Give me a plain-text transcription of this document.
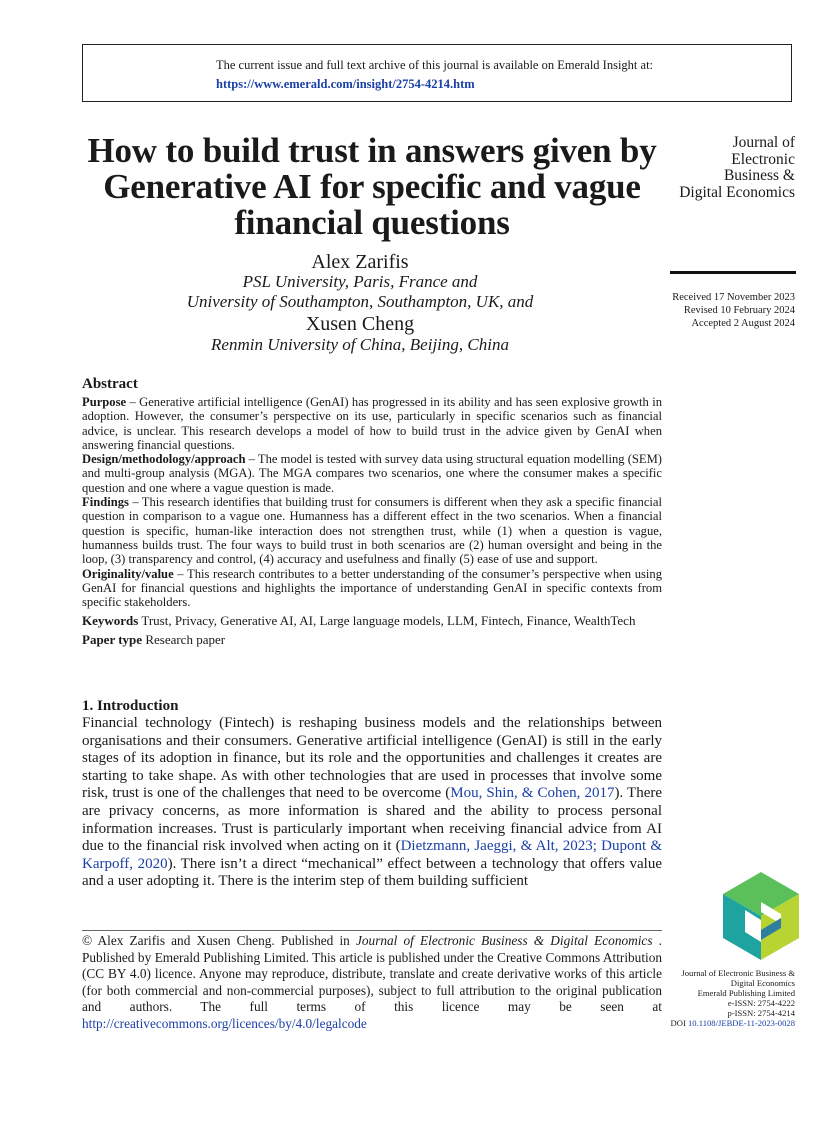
The current issue and full text archive of this journal is available on Emerald Insight at:
https://www.emerald.com/insight/2754-4214.htm
How to build trust in answers given by Generative AI for specific and vague financial questions
Alex Zarifis
PSL University, Paris, France and
University of Southampton, Southampton, UK, and
Xusen Cheng
Renmin University of China, Beijing, China
Journal of
Electronic
Business &
Digital Economics
Received 17 November 2023
Revised 10 February 2024
Accepted 2 August 2024
Abstract

Purpose – Generative artificial intelligence (GenAI) has progressed in its ability and has seen explosive growth in adoption. However, the consumer’s perspective on its use, particularly in specific scenarios such as financial advice, is unclear. This research develops a model of how to build trust in the advice given by GenAI when answering financial questions.

Design/methodology/approach – The model is tested with survey data using structural equation modelling (SEM) and multi-group analysis (MGA). The MGA compares two scenarios, one where the consumer makes a specific question and one where a vague question is made.

Findings – This research identifies that building trust for consumers is different when they ask a specific financial question in comparison to a vague one. Humanness has a different effect in the two scenarios. When a financial question is specific, human-like interaction does not strengthen trust, while (1) when a question is vague, humanness builds trust. The four ways to build trust in both scenarios are (2) human oversight and being in the loop, (3) transparency and control, (4) accuracy and usefulness and finally (5) ease of use and support.

Originality/value – This research contributes to a better understanding of the consumer’s perspective when using GenAI for financial questions and highlights the importance of understanding GenAI in specific contexts from specific stakeholders.

Keywords Trust, Privacy, Generative AI, AI, Large language models, LLM, Fintech, Finance, WealthTech

Paper type Research paper

1. Introduction

Financial technology (Fintech) is reshaping business models and the relationships between organisations and their consumers. Generative artificial intelligence (GenAI) is still in the early stages of its adoption in finance, but its role and the opportunities and challenges it creates are starting to take shape. As with other technologies that are used in processes that involve some risk, trust is one of the challenges that need to be overcome (Mou, Shin, & Cohen, 2017). There are privacy concerns, as more information is shared and the ability to process personal information increases. Trust is particularly important when receiving financial advice from AI due to the financial risk involved when acting on it (Dietzmann, Jaeggi, & Alt, 2023; Dupont & Karpoff, 2020). There isn’t a direct “mechanical” effect between a technology that offers value and a user adopting it. There is the interim step of them building sufficient

© Alex Zarifis and Xusen Cheng. Published in Journal of Electronic Business & Digital Economics . Published by Emerald Publishing Limited. This article is published under the Creative Commons Attribution (CC BY 4.0) licence. Anyone may reproduce, distribute, translate and create derivative works of this article (for both commercial and non-commercial purposes), subject to full attribution to the original publication and authors. The full terms of this licence may be seen at http://creativecommons.org/licences/by/4.0/legalcode

Journal of Electronic Business &
Digital Economics
Emerald Publishing Limited
e-ISSN: 2754-4222
p-ISSN: 2754-4214
DOI 10.1108/JEBDE-11-2023-0028
